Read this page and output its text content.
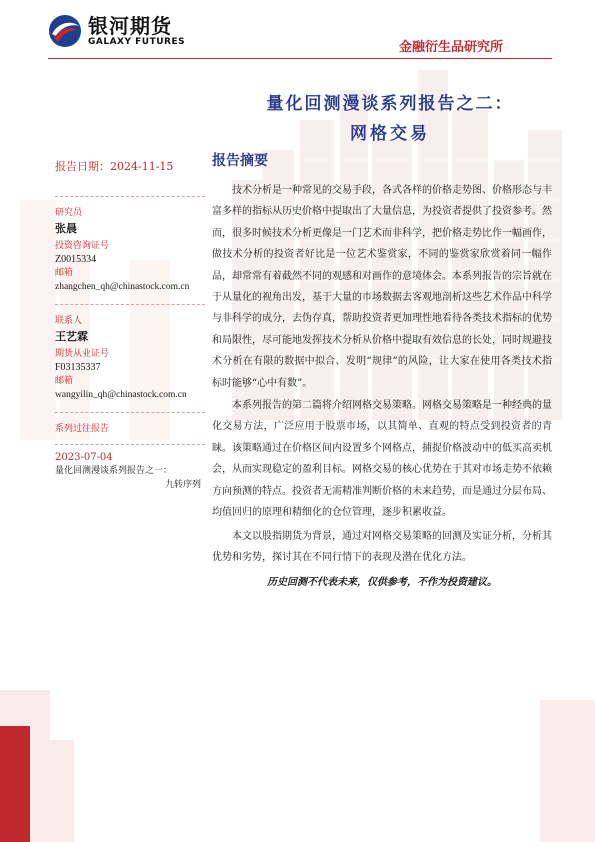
银河期货
GALAXY FUTURES	金融衍生品研究所
量化回测漫谈系列报告之二：
网格交易
报告日期：2024-11-15
研究员
张晨
投资咨询证号
Z0015334
邮箱
zhangchen_qh@chinastock.com.cn
联系人
王艺霖
期货从业证号
F03135337
邮箱
wangyilin_qh@chinastock.com.cn
系列过往报告
2023-07-04
量化回测漫谈系列报告之一：
九转序列
报告摘要

技术分析是一种常见的交易手段，各式各样的价格走势图、价格形态与丰富多样的指标从历史价格中提取出了大量信息，为投资者提供了投资参考。然而，很多时候技术分析更像是一门艺术而非科学，把价格走势比作一幅画作，做技术分析的投资者好比是一位艺术鉴赏家，不同的鉴赏家欣赏着同一幅作品，却常常有着截然不同的观感和对画作的意境体会。本系列报告的宗旨就在于从量化的视角出发，基于大量的市场数据去客观地剖析这些艺术作品中科学与非科学的成分，去伪存真，帮助投资者更加理性地看待各类技术指标的优势和局限性，尽可能地发挥技术分析从价格中提取有效信息的长处，同时规避技术分析在有限的数据中拟合、发明“规律”的风险，让大家在使用各类技术指标时能够“心中有数”。

本系列报告的第二篇将介绍网格交易策略。网格交易策略是一种经典的量化交易方法，广泛应用于股票市场，以其简单、直观的特点受到投资者的青睐。该策略通过在价格区间内设置多个网格点，捕捉价格波动中的低买高卖机会，从而实现稳定的盈利目标。网格交易的核心优势在于其对市场走势不依赖方向预测的特点。投资者无需精准判断价格的未来趋势，而是通过分层布局、均值回归的原理和精细化的仓位管理，逐步积累收益。

本文以股指期货为背景，通过对网格交易策略的回测及实证分析，分析其优势和劣势，探讨其在不同行情下的表现及潜在优化方法。

历史回测不代表未来，仅供参考，不作为投资建议。
